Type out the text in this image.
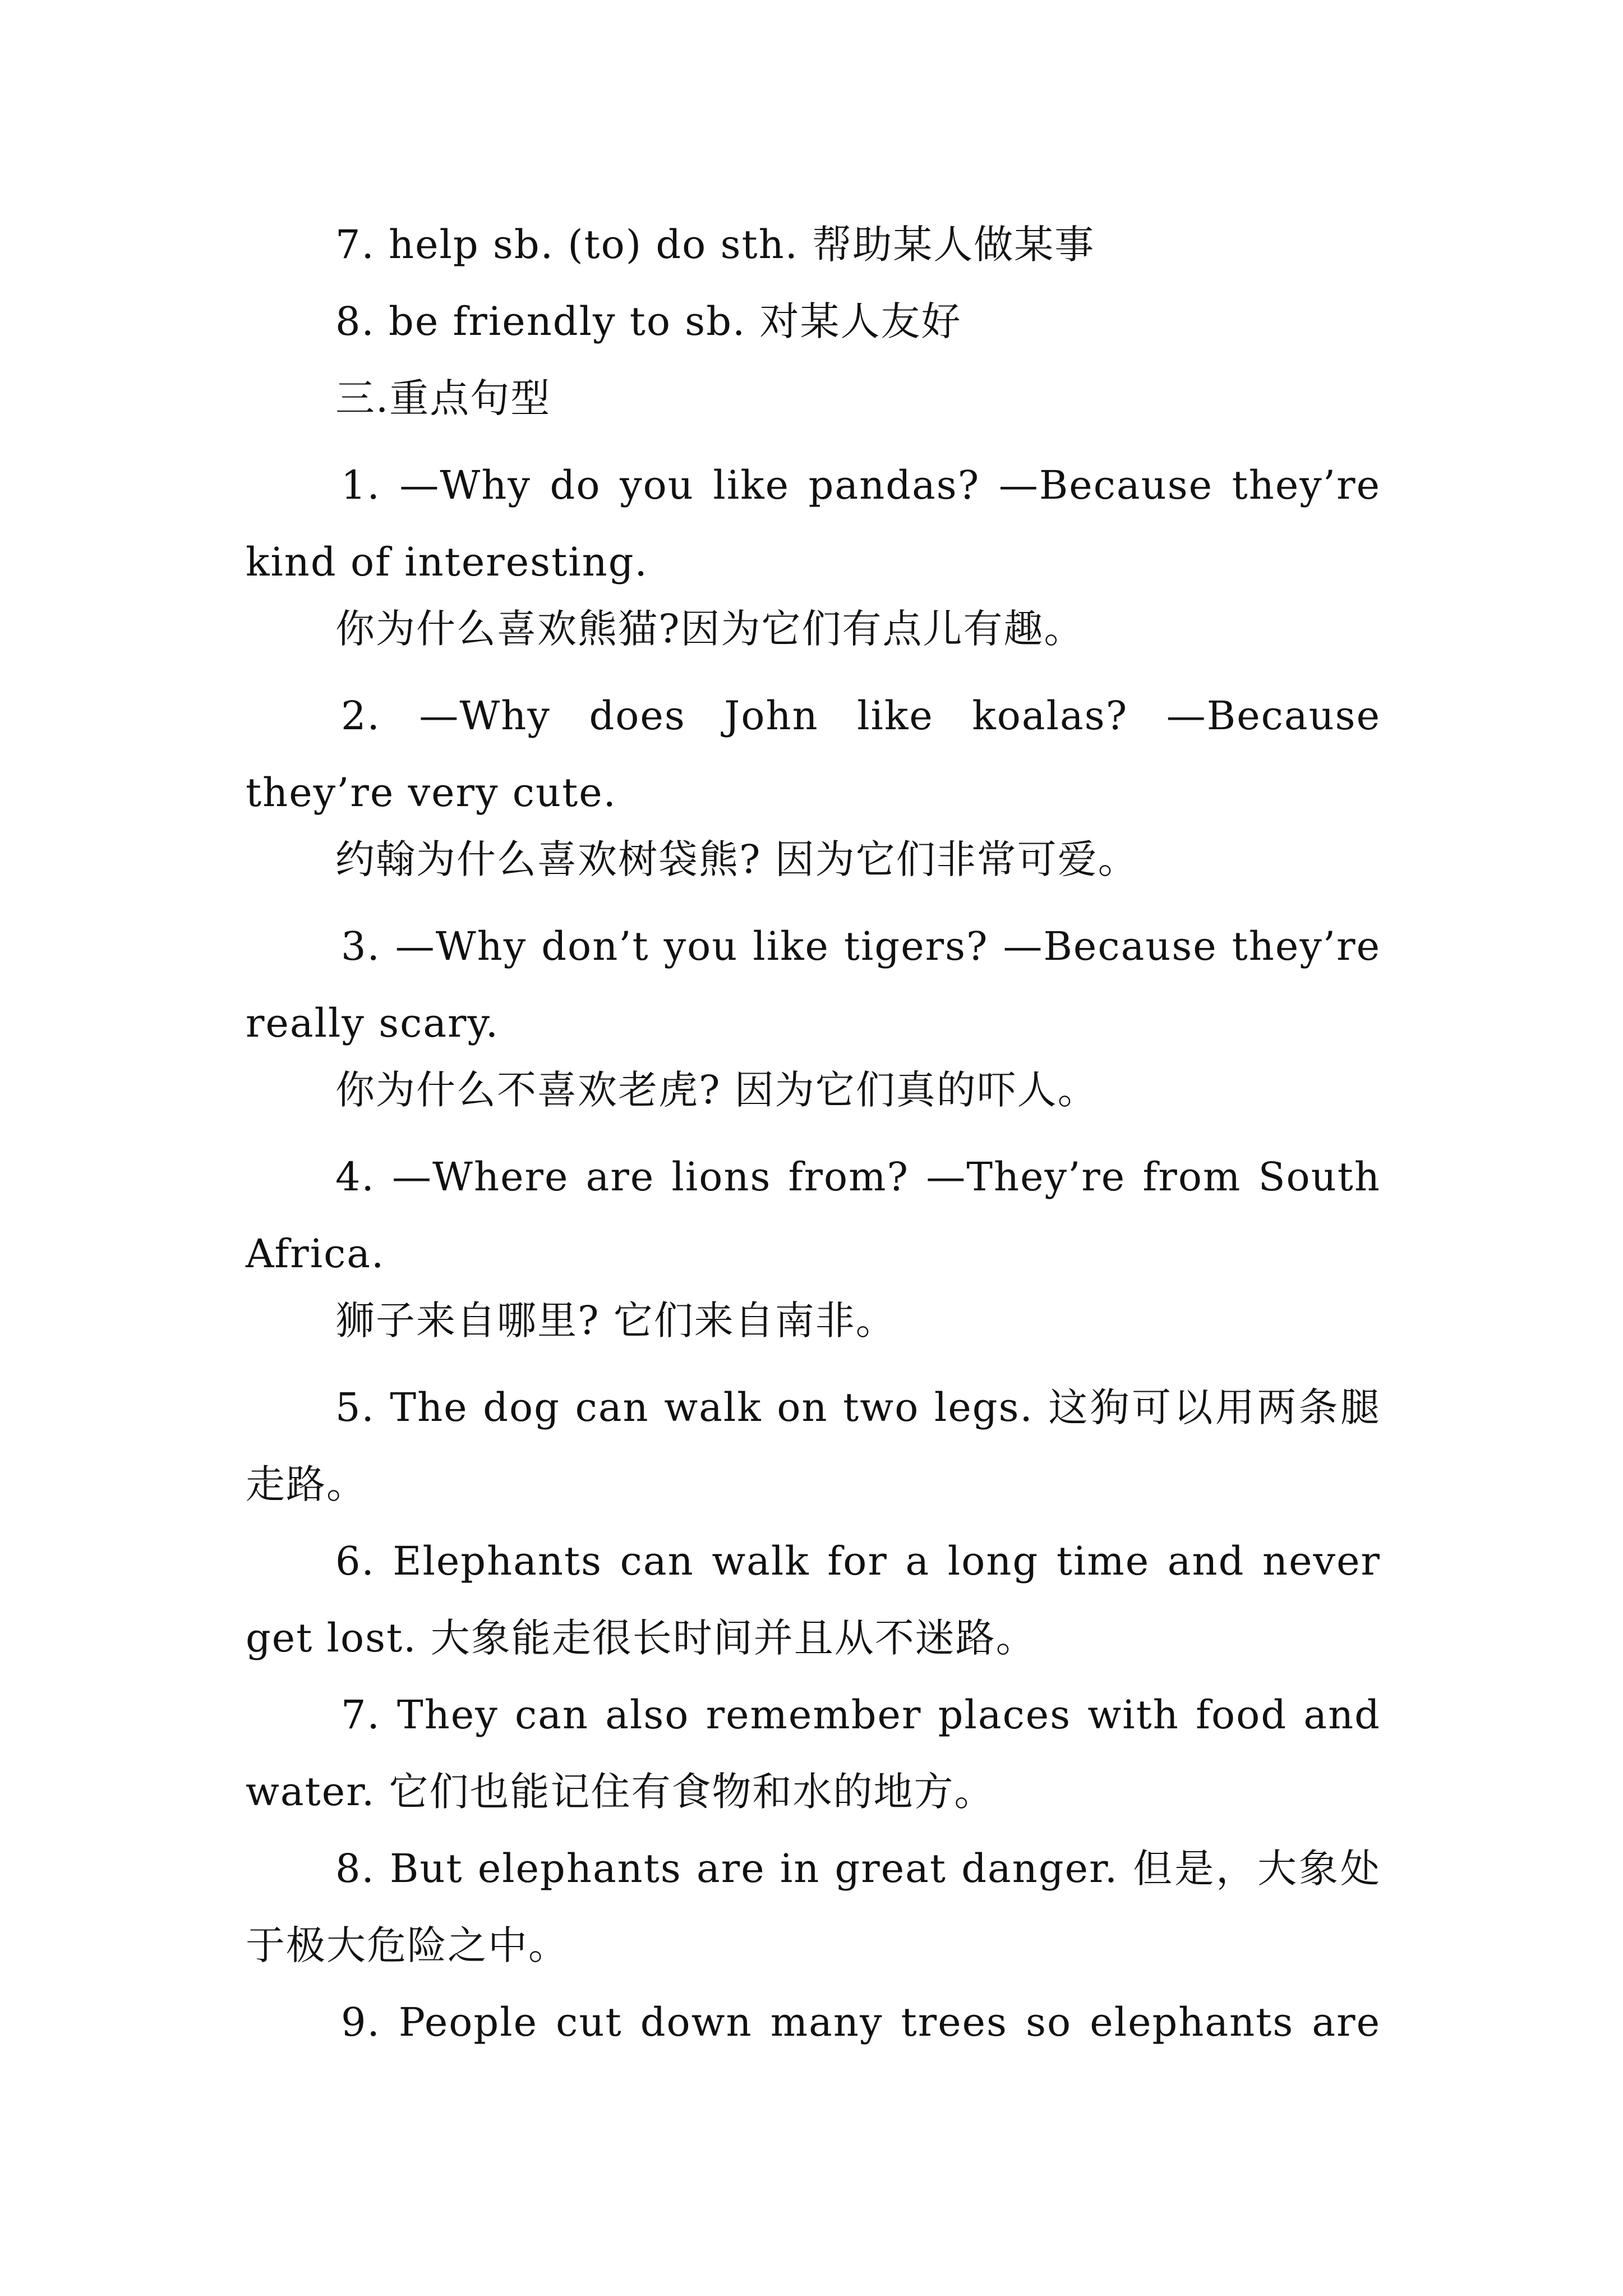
7. help sb. (to) do sth. 帮助某人做某事

8. be friendly to sb. 对某人友好

三.重点句型

1. —Why do you like pandas? —Because they’re kind of interesting.

你为什么喜欢熊猫?因为它们有点儿有趣。

2. —Why does John like koalas? —Because they’re very cute.

约翰为什么喜欢树袋熊? 因为它们非常可爱。

3. —Why don’t you like tigers? —Because they’re really scary.

你为什么不喜欢老虎? 因为它们真的吓人。

4. —Where are lions from? —They’re from South Africa.

狮子来自哪里? 它们来自南非。

5. The dog can walk on two legs. 这狗可以用两条腿走路。

6. Elephants can walk for a long time and never get lost. 大象能走很长时间并且从不迷路。

7. They can also remember places with food and water. 它们也能记住有食物和水的地方。

8. But elephants are in great danger. 但是，大象处于极大危险之中。

9. People cut down many trees so elephants are
